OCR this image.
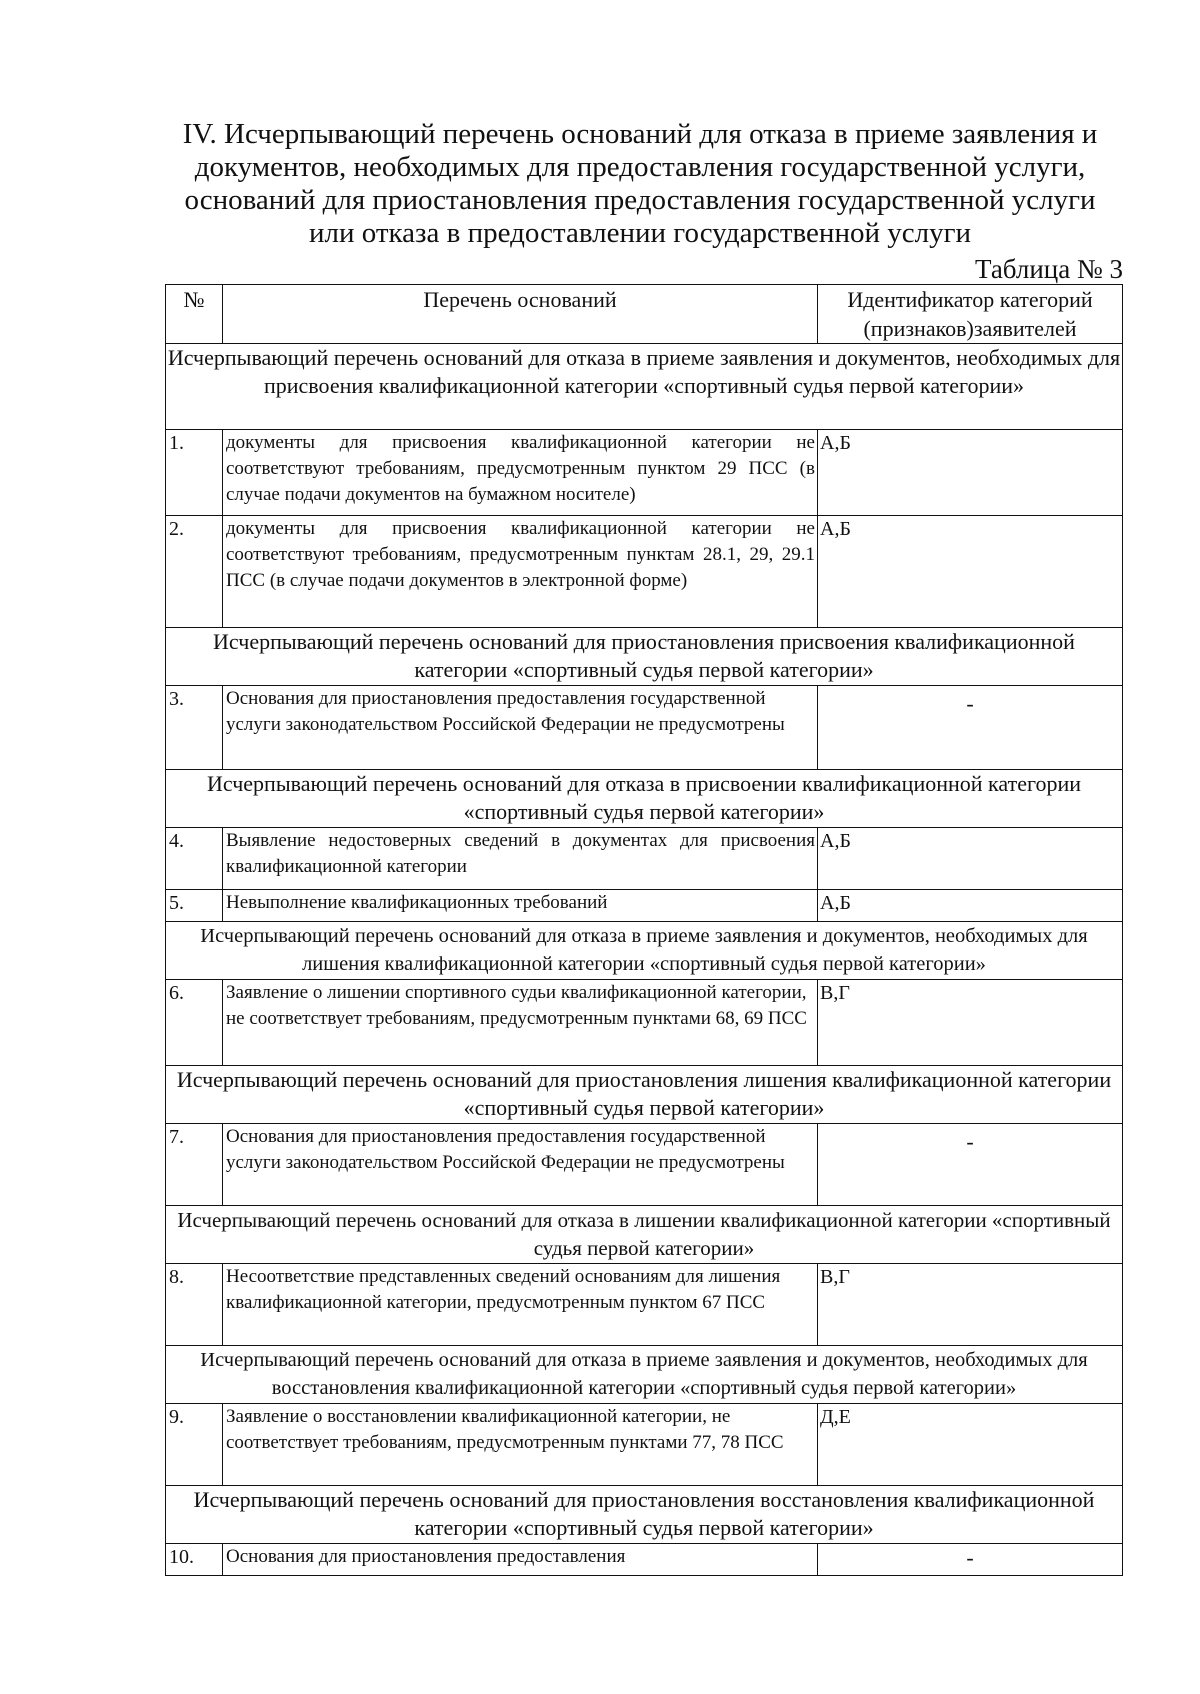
IV. Исчерпывающий перечень оснований для отказа в приеме заявления и документов, необходимых для предоставления государственной услуги, оснований для приостановления предоставления государственной услуги или отказа в предоставлении государственной услуги
Таблица № 3
№	Перечень оснований	Идентификатор категорий (признаков)заявителей
Исчерпывающий перечень оснований для отказа в приеме заявления и документов, необходимых для присвоения квалификационной категории «спортивный судья первой категории»		
1.	документы для присвоения квалификационной категории не соответствуют требованиям, предусмотренным пунктом 29 ПСС (в случае подачи документов на бумажном носителе)	А,Б
2.	документы для присвоения квалификационной категории не соответствуют требованиям, предусмотренным пунктам 28.1, 29, 29.1 ПСС (в случае подачи документов в электронной форме)	А,Б
Исчерпывающий перечень оснований для приостановления присвоения квалификационной категории «спортивный судья первой категории»		
3.	Основания для приостановления предоставления государственной услуги законодательством Российской Федерации не предусмотрены	-
Исчерпывающий перечень оснований для отказа в присвоении квалификационной категории «спортивный судья первой категории»		
4.	Выявление недостоверных сведений в документах для присвоения квалификационной категории	А,Б
5.	Невыполнение квалификационных требований	А,Б
Исчерпывающий перечень оснований для отказа в приеме заявления и документов, необходимых для лишения квалификационной категории «спортивный судья первой категории»		
6.	Заявление о лишении спортивного судьи квалификационной категории, не соответствует требованиям, предусмотренным пунктами 68, 69 ПСС	В,Г
Исчерпывающий перечень оснований для приостановления лишения квалификационной категории «спортивный судья первой категории»		
7.	Основания для приостановления предоставления государственной услуги законодательством Российской Федерации не предусмотрены	-
Исчерпывающий перечень оснований для отказа в лишении квалификационной категории «спортивный судья первой категории»		
8.	Несоответствие представленных сведений основаниям для лишения квалификационной категории, предусмотренным пунктом 67 ПСС	В,Г
Исчерпывающий перечень оснований для отказа в приеме заявления и документов, необходимых для восстановления квалификационной категории «спортивный судья первой категории»		
9.	Заявление о восстановлении квалификационной категории, не соответствует требованиям, предусмотренным пунктами 77, 78 ПСС	Д,Е
Исчерпывающий перечень оснований для приостановления восстановления квалификационной категории «спортивный судья первой категории»		
10.	Основания для приостановления предоставления	-
